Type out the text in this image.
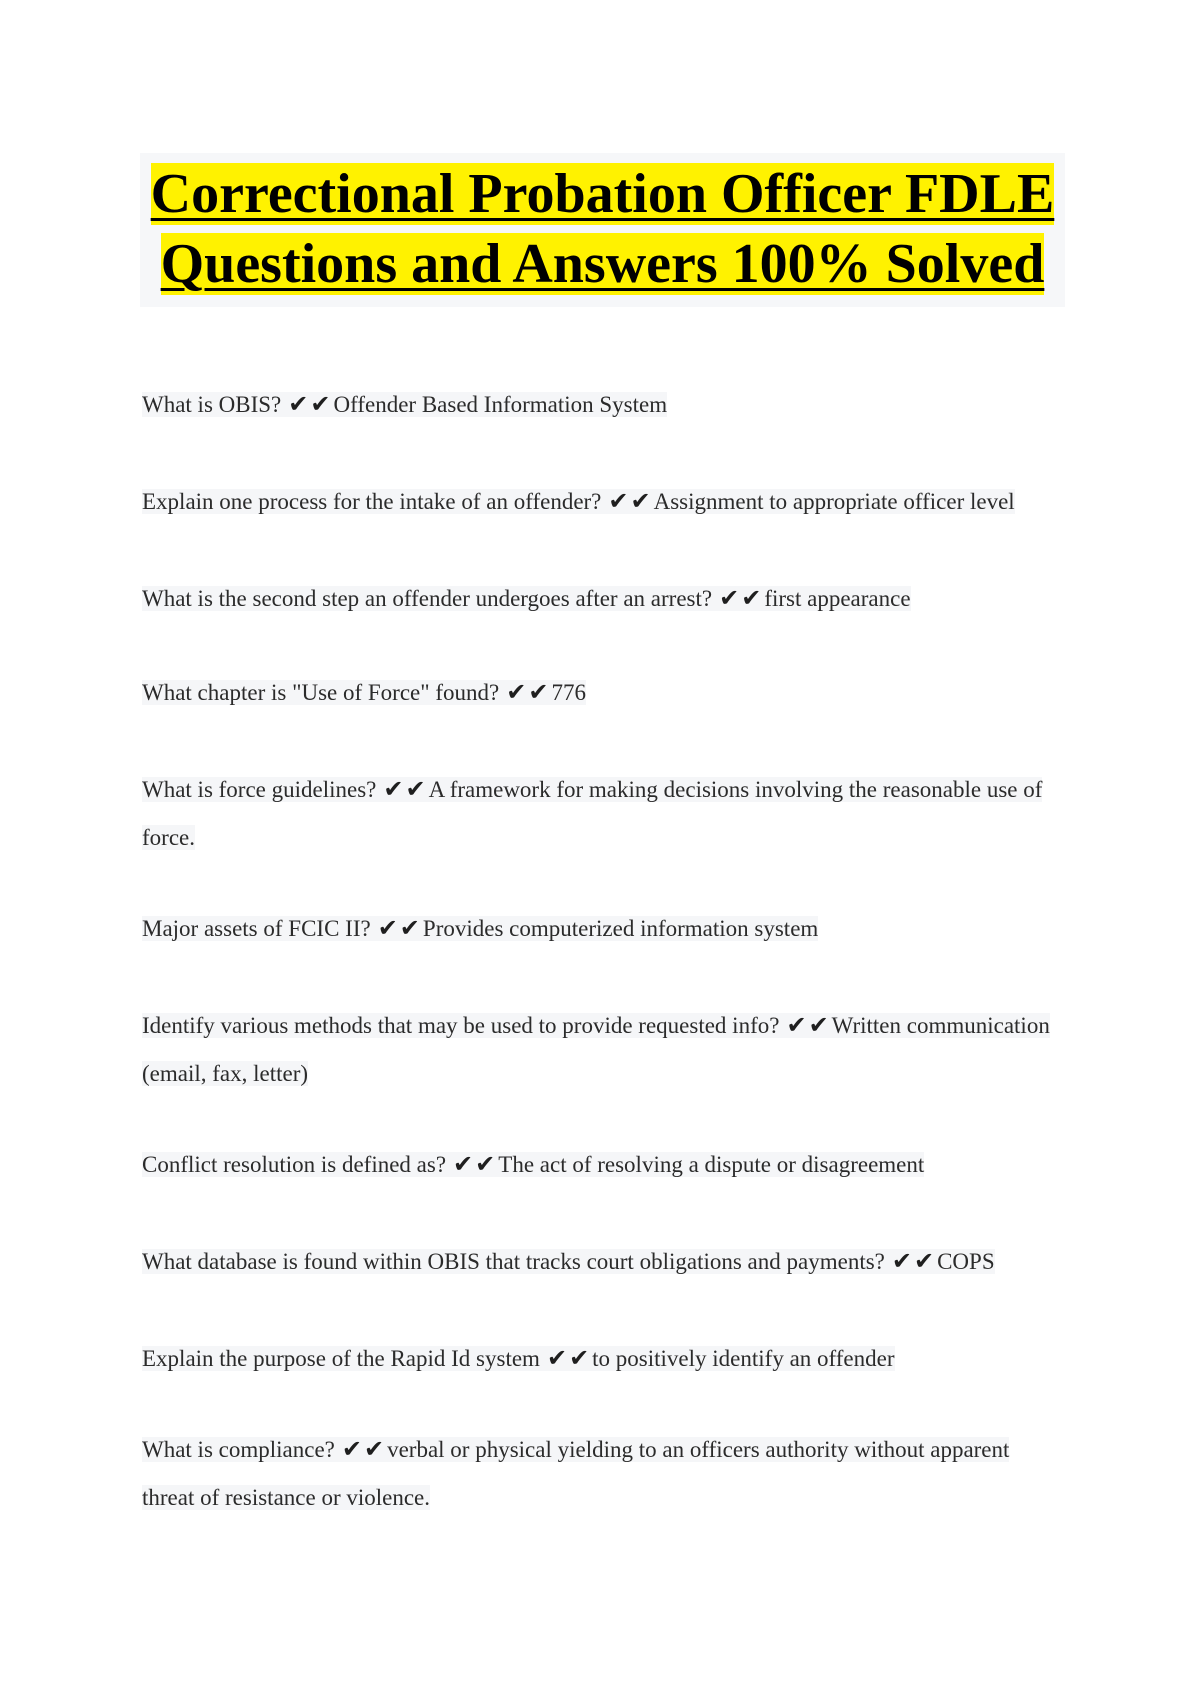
Correctional Probation Officer FDLE
Questions and Answers 100% Solved
What is OBIS? ✔✔ Offender Based Information System
Explain one process for the intake of an offender? ✔✔ Assignment to appropriate officer level
What is the second step an offender undergoes after an arrest? ✔✔ first appearance
What chapter is "Use of Force" found? ✔✔ 776
What is force guidelines? ✔✔ A framework for making decisions involving the reasonable use of force.
Major assets of FCIC II? ✔✔ Provides computerized information system
Identify various methods that may be used to provide requested info? ✔✔ Written communication (email, fax, letter)
Conflict resolution is defined as? ✔✔ The act of resolving a dispute or disagreement
What database is found within OBIS that tracks court obligations and payments? ✔✔ COPS
Explain the purpose of the Rapid Id system ✔✔ to positively identify an offender
What is compliance? ✔✔ verbal or physical yielding to an officers authority without apparent threat of resistance or violence.
